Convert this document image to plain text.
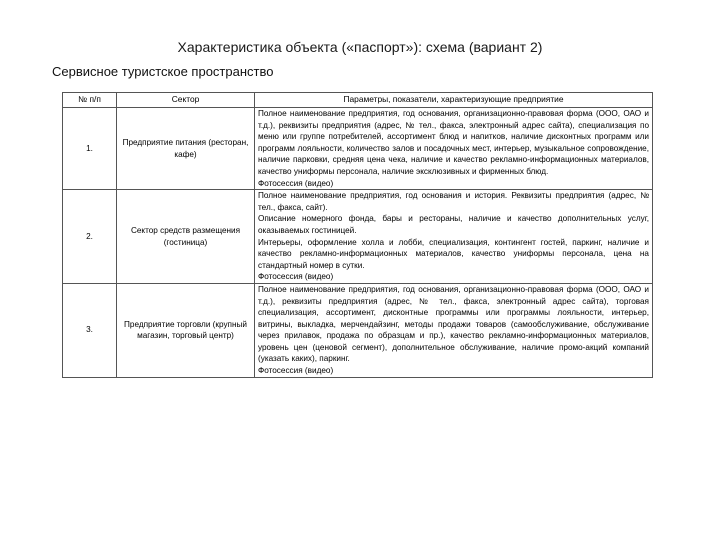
Характеристика объекта («паспорт»): схема (вариант 2)
Сервисное туристское пространство
№ п/п	Сектор	Параметры, показатели, характеризующие предприятие
1.	Предприятие питания (ресторан, кафе)	Полное наименование предприятия, год основания, организационно-правовая форма (ООО, ОАО и т.д.), реквизиты предприятия (адрес, № тел., факса, электронный адрес сайта), специализация по меню или группе потребителей, ассортимент блюд и напитков, наличие дисконтных программ или программ лояльности, количество залов и посадочных мест, интерьер, музыкальное сопровождение, наличие парковки, средняя цена чека, наличие и качество рекламно-информационных материалов, качество униформы персонала, наличие эксклюзивных и фирменных блюд.

Фотосессия (видео)

2.	Сектор средств размещения (гостиница)	Полное наименование предприятия, год основания и история. Реквизиты предприятия (адрес, № тел., факса, сайт).

Описание номерного фонда, бары и рестораны, наличие и качество дополнительных услуг, оказываемых гостиницей.

Интерьеры, оформление холла и лобби, специализация, контингент гостей, паркинг, наличие и качество рекламно-информационных материалов, качество униформы персонала, цена на стандартный номер в сутки.

Фотосессия (видео)

3.	Предприятие торговли (крупный магазин, торговый центр)	Полное наименование предприятия, год основания, организационно-правовая форма (ООО, ОАО и т.д.), реквизиты предприятия (адрес, № тел., факса, электронный адрес сайта), торговая специализация, ассортимент, дисконтные программы или программы лояльности, интерьер, витрины, выкладка, мерчендайзинг, методы продажи товаров (самообслуживание, обслуживание через прилавок, продажа по образцам и пр.), качество рекламно-информационных материалов, уровень цен (ценовой сегмент), дополнительное обслуживание, наличие промо-акций компаний (указать каких), паркинг.

Фотосессия (видео)
